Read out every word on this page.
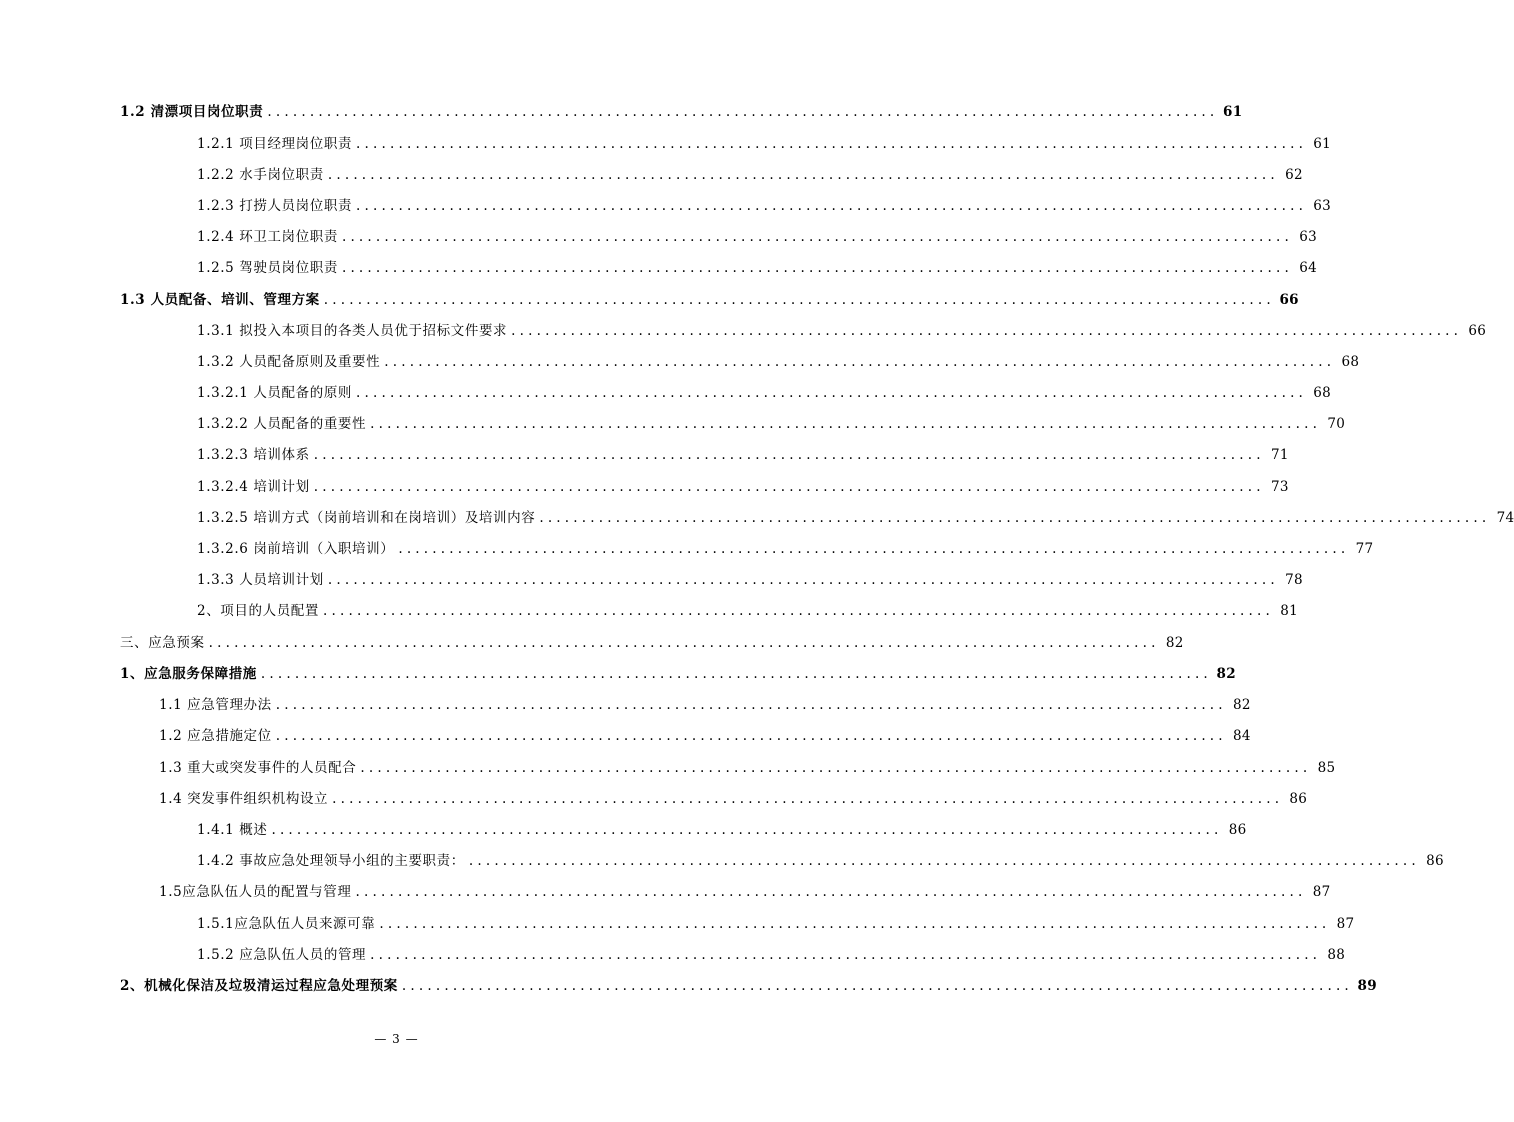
1.2 清漂项目岗位职责 ................................................................................................................ 61
1.2.1 项目经理岗位职责 ................................................................................................................ 61
1.2.2 水手岗位职责 ................................................................................................................ 62
1.2.3 打捞人员岗位职责 ................................................................................................................ 63
1.2.4 环卫工岗位职责 ................................................................................................................ 63
1.2.5 驾驶员岗位职责 ................................................................................................................ 64
1.3 人员配备、培训、管理方案 ................................................................................................................ 66
1.3.1 拟投入本项目的各类人员优于招标文件要求 ................................................................................................................ 66
1.3.2 人员配备原则及重要性 ................................................................................................................ 68
1.3.2.1 人员配备的原则 ................................................................................................................ 68
1.3.2.2 人员配备的重要性 ................................................................................................................ 70
1.3.2.3 培训体系 ................................................................................................................ 71
1.3.2.4 培训计划 ................................................................................................................ 73
1.3.2.5 培训方式（岗前培训和在岗培训）及培训内容 ................................................................................................................ 74
1.3.2.6 岗前培训（入职培训） ................................................................................................................ 77
1.3.3 人员培训计划 ................................................................................................................ 78
2、项目的人员配置 ................................................................................................................ 81
三、应急预案 ................................................................................................................ 82
1、应急服务保障措施 ................................................................................................................ 82
1.1 应急管理办法 ................................................................................................................ 82
1.2 应急措施定位 ................................................................................................................ 84
1.3 重大或突发事件的人员配合 ................................................................................................................ 85
1.4 突发事件组织机构设立 ................................................................................................................ 86
1.4.1 概述 ................................................................................................................ 86
1.4.2 事故应急处理领导小组的主要职责： ................................................................................................................ 86
1.5应急队伍人员的配置与管理 ................................................................................................................ 87
1.5.1应急队伍人员来源可靠 ................................................................................................................ 87
1.5.2 应急队伍人员的管理 ................................................................................................................ 88
2、机械化保洁及垃圾清运过程应急处理预案 ................................................................................................................ 89
— 3 —
